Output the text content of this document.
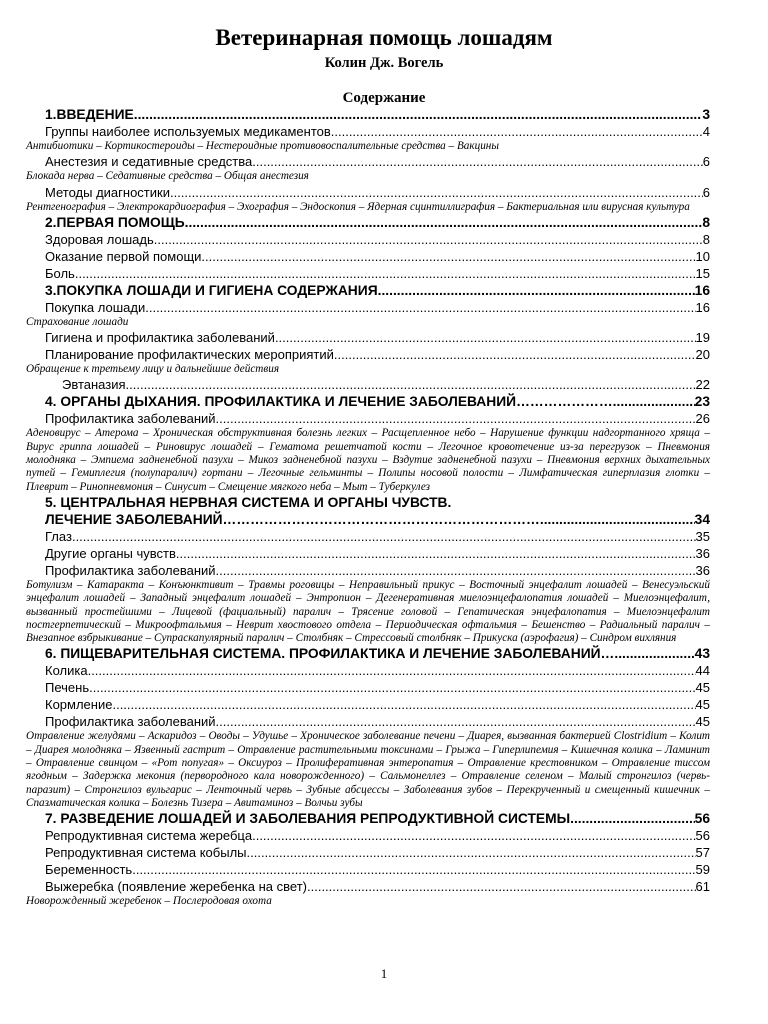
Ветеринарная помощь лошадям
Колин Дж. Вогель
Содержание
1.ВВЕДЕНИЕ .....	3
Группы наиболее используемых медикаментов .....	4

Антибиотики – Кортикостероиды – Нестероидные противовоспалительные средства – Вакцины

Анестезия и седативные средства .....	6

Блокада нерва – Седативные средства – Общая анестезия

Методы диагностики .....	6

Рентгенография – Электрокардиография – Эхография – Эндоскопия – Ядерная сцинтиллиграфия – Бактериальная или вирусная культура

2.ПЕРВАЯ ПОМОЩЬ .....	8
Здоровая лошадь .....	8
Оказание первой помощи .....	10
Боль .....	15
3.ПОКУПКА ЛОШАДИ И ГИГИЕНА СОДЕРЖАНИЯ .....	16
Покупка лошади .....	16

Страхование лошади

Гигиена и профилактика заболеваний .....	19
Планирование профилактических мероприятий .....	20

Обращение к третьему лицу и дальнейшие действия

Эвтаназия .....	22
4. ОРГАНЫ ДЫХАНИЯ. ПРОФИЛАКТИКА И ЛЕЧЕНИЕ ЗАБОЛЕВАНИЙ………………….. .....	23
Профилактика заболеваний .....	26

Аденовирус – Атерома – Хроническая обструктивная болезнь легких – Расщепленное небо – Нарушение функции надгортанного хряща – Вирус гриппа лошадей – Риновирус лошадей – Гематома решетчатой кости – Легочное кровотечение из-за перегрузок – Пневмония молодняка – Эмпиема задненебной пазухи – Микоз задненебной пазухи – Вздутие задненебной пазухи – Пневмония верхних дыхательных путей – Гемиплегия (полупаралич) гортани – Легочные гельминты – Полипы носовой полости – Лимфатическая гиперплазия глотки – Плеврит – Ринопневмония – Синусит – Смещение мягкого неба – Мыт – Туберкулез

5. ЦЕНТРАЛЬНАЯ НЕРВНАЯ СИСТЕМА И ОРГАНЫ ЧУВСТВ.
ЛЕЧЕНИЕ ЗАБОЛЕВАНИЙ……………………………………………………………. .....	34
Глаз .....	35
Другие органы чувств .....	36
Профилактика заболеваний .....	36

Ботулизм – Катаракта – Конъюнктивит – Травмы роговицы – Неправильный прикус – Восточный энцефалит лошадей – Венесуэльский энцефалит лошадей – Западный энцефалит лошадей – Энтропион – Дегенеративная миелоэнцефалопатия лошадей – Миелоэнцефалит, вызванный простейшими – Лицевой (фациальный) паралич – Трясение головой – Гепатическая энцефалопатия – Миелоэнцефалит постгерпетический – Микроофтальмия – Неврит хвостового отдела – Периодическая офтальмия – Бешенство – Радиальный паралич – Внезапное взбрыкивание – Супраскапулярный паралич – Столбняк – Стрессовый столбняк – Прикуска (аэрофагия) – Синдром вихляния

6. ПИЩЕВАРИТЕЛЬНАЯ СИСТЕМА. ПРОФИЛАКТИКА И ЛЕЧЕНИЕ ЗАБОЛЕВАНИЙ….. .....	43
Колика .....	44
Печень .....	45
Кормление .....	45
Профилактика заболеваний .....	45

Отравление желудями – Аскаридоз – Оводы – Удушье – Хроническое заболевание печени – Диарея, вызванная бактерией Clostridium – Колит – Диарея молодняка – Язвенный гастрит – Отравление растительными токсинами – Грыжа – Гиперлипемия – Кишечная колика – Ламинит – Отравление свинцом – «Рот попугая» – Оксиуроз – Пролиферативная энтеропатия – Отравление крестовником – Отравление тиссом ягодным – Задержка мекония (первородного кала новорожденного) – Сальмонеллез – Отравление селеном – Малый стронгилоз (червь-паразит) – Стронгилоз вульгарис – Ленточный червь – Зубные абсцессы – Заболевания зубов – Перекрученный и смещенный кишечник – Спазматическая колика – Болезнь Тизера – Авитаминоз – Волчьи зубы

7. РАЗВЕДЕНИЕ ЛОШАДЕЙ И ЗАБОЛЕВАНИЯ РЕПРОДУКТИВНОЙ СИСТЕМЫ .....	56
Репродуктивная система жеребца .....	56
Репродуктивная система кобылы .....	57
Беременность .....	59
Выжеребка (появление жеребенка на свет) .....	61

Новорожденный жеребенок – Послеродовая охота

1
